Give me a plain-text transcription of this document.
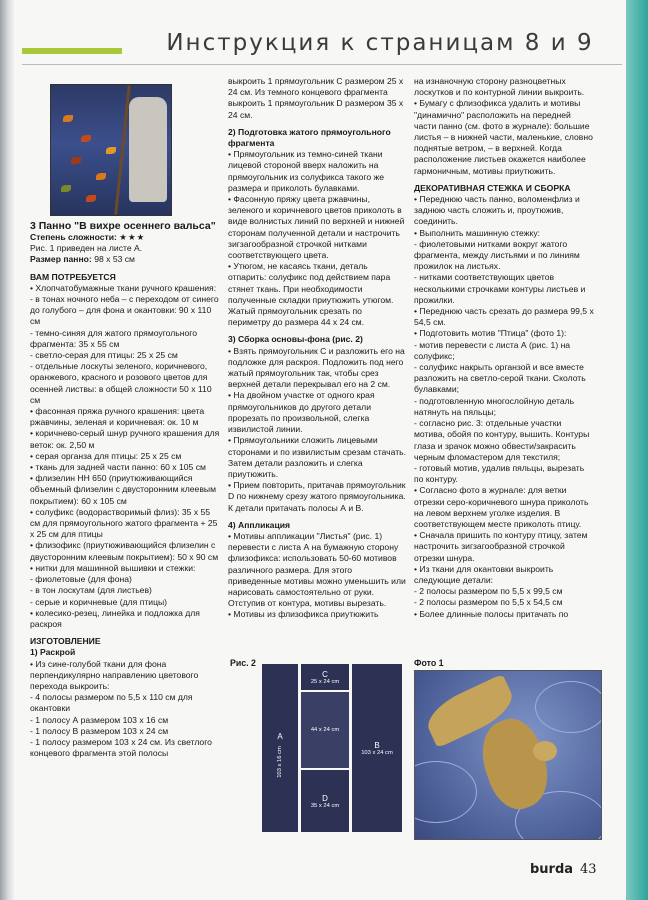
Инструкция к страницам 8 и 9

3 Панно "В вихре осеннего вальса"

Степень сложности: ★★★

Рис. 1 приведен на листе А.

Размер панно: 98 х 53 см

ВАМ ПОТРЕБУЕТСЯ

• Хлопчатобумажные ткани ручного крашения:

- в тонах ночного неба – с переходом от синего до голубого – для фона и окантовки: 90 х 110 см

- темно-синяя для жатого прямоугольного фрагмента: 35 х 55 см

- светло-серая для птицы: 25 х 25 см

- отдельные лоскуты зеленого, коричневого, оранжевого, красного и розового цветов для осенней листвы: в общей сложности 50 х 110 см

• фасонная пряжа ручного крашения: цвета ржавчины, зеленая и коричневая: ок. 10 м

• коричнево-серый шнур ручного крашения для веток: ок. 2,50 м

• серая органза для птицы: 25 х 25 см

• ткань для задней части панно: 60 х 105 см

• флизелин НН 650 (приутюживающийся объемный флизелин с двусторонним клеевым покрытием): 60 х 105 см

• солуфикс (водорастворимый флиз): 35 х 55 см для прямоугольного жатого фрагмента + 25 х 25 см для птицы

• флизофикс (приутюживающийся флизелин с двусторонним клеевым покрытием): 50 х 90 см

• нитки для машинной вышивки и стежки:

- фиолетовые (для фона)

- в тон лоскутам (для листьев)

- серые и коричневые (для птицы)

• колесико-резец, линейка и подложка для раскроя

ИЗГОТОВЛЕНИЕ

1) Раскрой

• Из сине-голубой ткани для фона перпендикулярно направлению цветового перехода выкроить:

- 4 полосы размером по 5,5 х 110 см для окантовки

- 1 полосу А размером 103 х 16 см

- 1 полосу В размером 103 х 24 см

- 1 полосу размером 103 х 24 см. Из светлого концевого фрагмента этой полосы

выкроить 1 прямоугольник С размером 25 х 24 см. Из темного концевого фрагмента выкроить 1 прямоугольник D размером 35 х 24 см.

2) Подготовка жатого прямоугольного фрагмента

• Прямоугольник из темно-синей ткани лицевой стороной вверх наложить на прямоугольник из солуфикса такого же размера и приколоть булавками.

• Фасонную пряжу цвета ржавчины, зеленого и коричневого цветов приколоть в виде волнистых линий по верхней и нижней сторонам полученной детали и настрочить зигзагообразной строчкой нитками соответствующего цвета.

• Утюгом, не касаясь ткани, деталь отпарить: солуфикс под действием пара стянет ткань. При необходимости полученные складки приутюжить утюгом. Жатый прямоугольник срезать по периметру до размера 44 х 24 см.

3) Сборка основы-фона (рис. 2)

• Взять прямоугольник С и разложить его на подложке для раскроя. Подложить под него жатый прямоугольник так, чтобы срез верхней детали перекрывал его на 2 см.

• На двойном участке от одного края прямоугольников до другого детали прорезать по произвольной, слегка извилистой линии.

• Прямоугольники сложить лицевыми сторонами и по извилистым срезам стачать. Затем детали разложить и слегка приутюжить.

• Прием повторить, притачав прямоугольник D по нижнему срезу жатого прямоугольника.

К детали притачать полосы А и В.

4) Аппликация

• Мотивы аппликации "Листья" (рис. 1) перевести с листа А на бумажную сторону флизофикса: использовать 50-60 мотивов различного размера. Для этого приведенные мотивы можно уменьшить или нарисовать самостоятельно от руки. Отступив от контура, мотивы вырезать.

• Мотивы из флизофикса приутюжить

на изнаночную сторону разноцветных лоскутков и по контурной линии выкроить.

• Бумагу с флизофикса удалить и мотивы "динамично" расположить на передней части панно (см. фото в журнале): большие листья – в нижней части, маленькие, словно поднятые ветром, – в верхней. Когда расположение листьев окажется наиболее гармоничным, мотивы приутюжить.

ДЕКОРАТИВНАЯ СТЕЖКА И СБОРКА

• Переднюю часть панно, воломенфлиз и заднюю часть сложить и, проутюжив, соединить.

• Выполнить машинную стежку:

- фиолетовыми нитками вокруг жатого фрагмента, между листьями и по линиям прожилок на листьях.

- нитками соответствующих цветов несколькими строчками контуры листьев и прожилки.

• Переднюю часть срезать до размера 99,5 х 54,5 см.

• Подготовить мотив "Птица" (фото 1):

- мотив перевести с листа А (рис. 1) на солуфикс;

- солуфикс накрыть органзой и все вместе разложить на светло-серой ткани. Сколоть булавками;

- подготовленную многослойную деталь натянуть на пяльцы;

- согласно рис. 3: отдельные участки мотива, обойя по контуру, вышить. Контуры глаза и зрачок можно обвести/закрасить черным фломастером для текстиля;

- готовый мотив, удалив пяльцы, вырезать по контуру.

• Согласно фото в журнале: для ветки отрезки серо-коричневого шнура приколоть на левом верхнем уголке изделия. В соответствующем месте приколоть птицу.

• Сначала пришить по контуру птицу, затем настрочить зигзагообразной строчкой отрезки шнура.

• Из ткани для окантовки выкроить следующие детали:

- 2 полосы размером по 5,5 х 99,5 см

- 2 полосы размером по 5,5 х 54,5 см

• Более длинные полосы притачать по

Рис. 2
A
103 x 16 cm
C
25 x 24 cm
44 x 24 cm
D
35 x 24 cm
B
103 x 24 cm
Фото 1
burda 43
